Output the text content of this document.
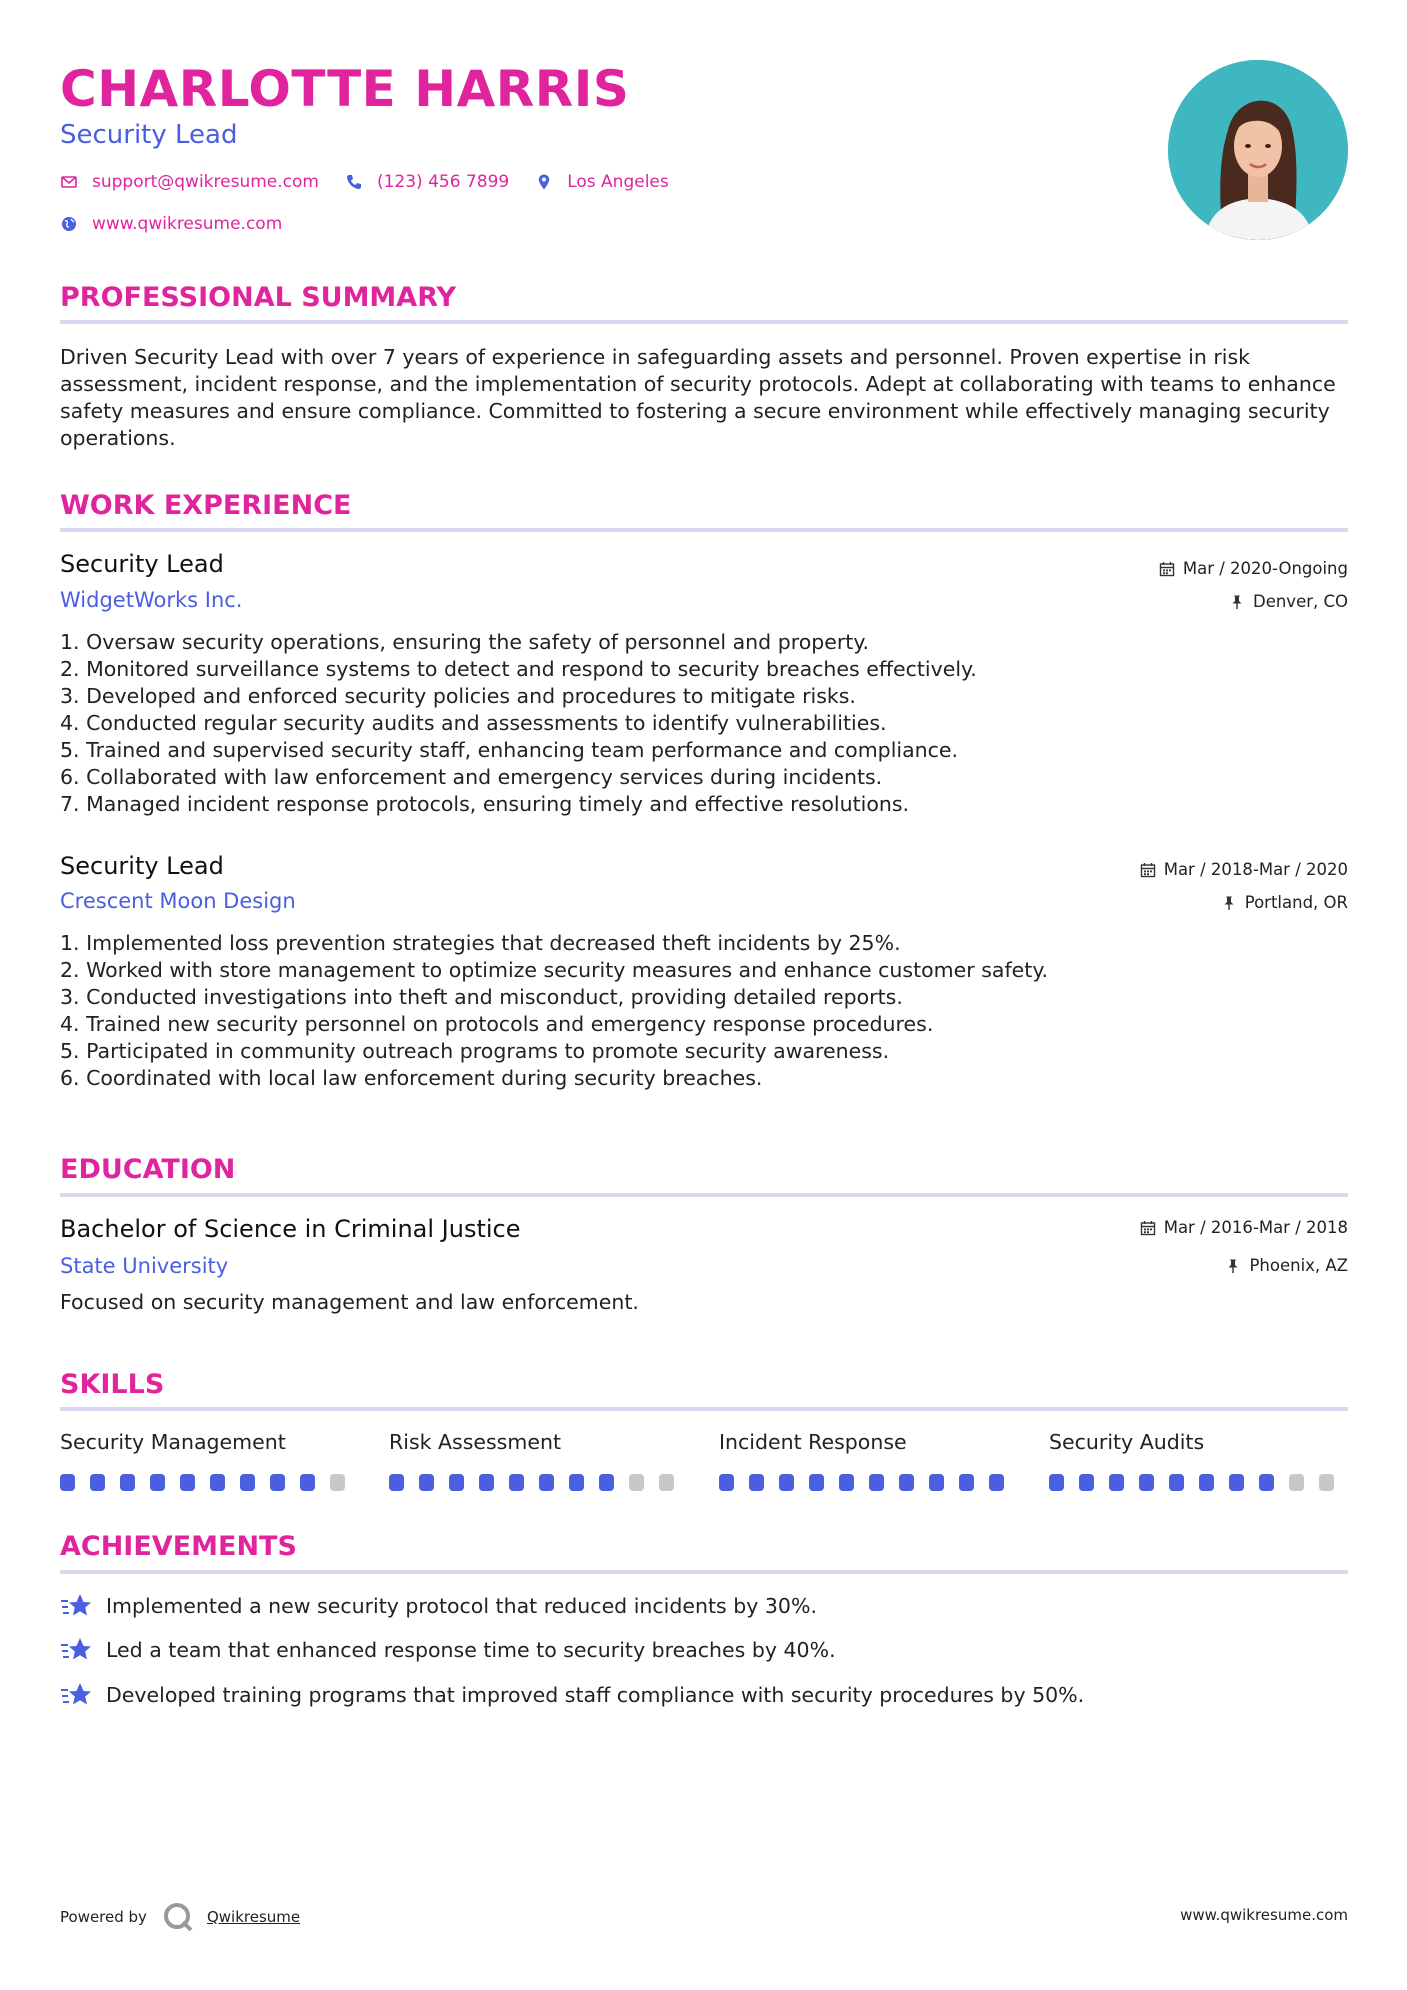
CHARLOTTE HARRIS
Security Lead
support@qwikresume.com	(123) 456 7899	Los Angeles
www.qwikresume.com
PROFESSIONAL SUMMARY
Driven Security Lead with over 7 years of experience in safeguarding assets and personnel. Proven expertise in risk assessment, incident response, and the implementation of security protocols. Adept at collaborating with teams to enhance safety measures and ensure compliance. Committed to fostering a secure environment while effectively managing security operations.
WORK EXPERIENCE
Security Lead
WidgetWorks Inc.
Mar / 2020-Ongoing
Denver, CO
1. Oversaw security operations, ensuring the safety of personnel and property.
2. Monitored surveillance systems to detect and respond to security breaches effectively.
3. Developed and enforced security policies and procedures to mitigate risks.
4. Conducted regular security audits and assessments to identify vulnerabilities.
5. Trained and supervised security staff, enhancing team performance and compliance.
6. Collaborated with law enforcement and emergency services during incidents.
7. Managed incident response protocols, ensuring timely and effective resolutions.
Security Lead
Crescent Moon Design
Mar / 2018-Mar / 2020
Portland, OR
1. Implemented loss prevention strategies that decreased theft incidents by 25%.
2. Worked with store management to optimize security measures and enhance customer safety.
3. Conducted investigations into theft and misconduct, providing detailed reports.
4. Trained new security personnel on protocols and emergency response procedures.
5. Participated in community outreach programs to promote security awareness.
6. Coordinated with local law enforcement during security breaches.
EDUCATION
Bachelor of Science in Criminal Justice
State University
Mar / 2016-Mar / 2018
Phoenix, AZ
Focused on security management and law enforcement.
SKILLS
Security Management	Risk Assessment	Incident Response	Security Audits
ACHIEVEMENTS
Implemented a new security protocol that reduced incidents by 30%.
Led a team that enhanced response time to security breaches by 40%.
Developed training programs that improved staff compliance with security procedures by 50%.
Powered by	Qwikresume	www.qwikresume.com
